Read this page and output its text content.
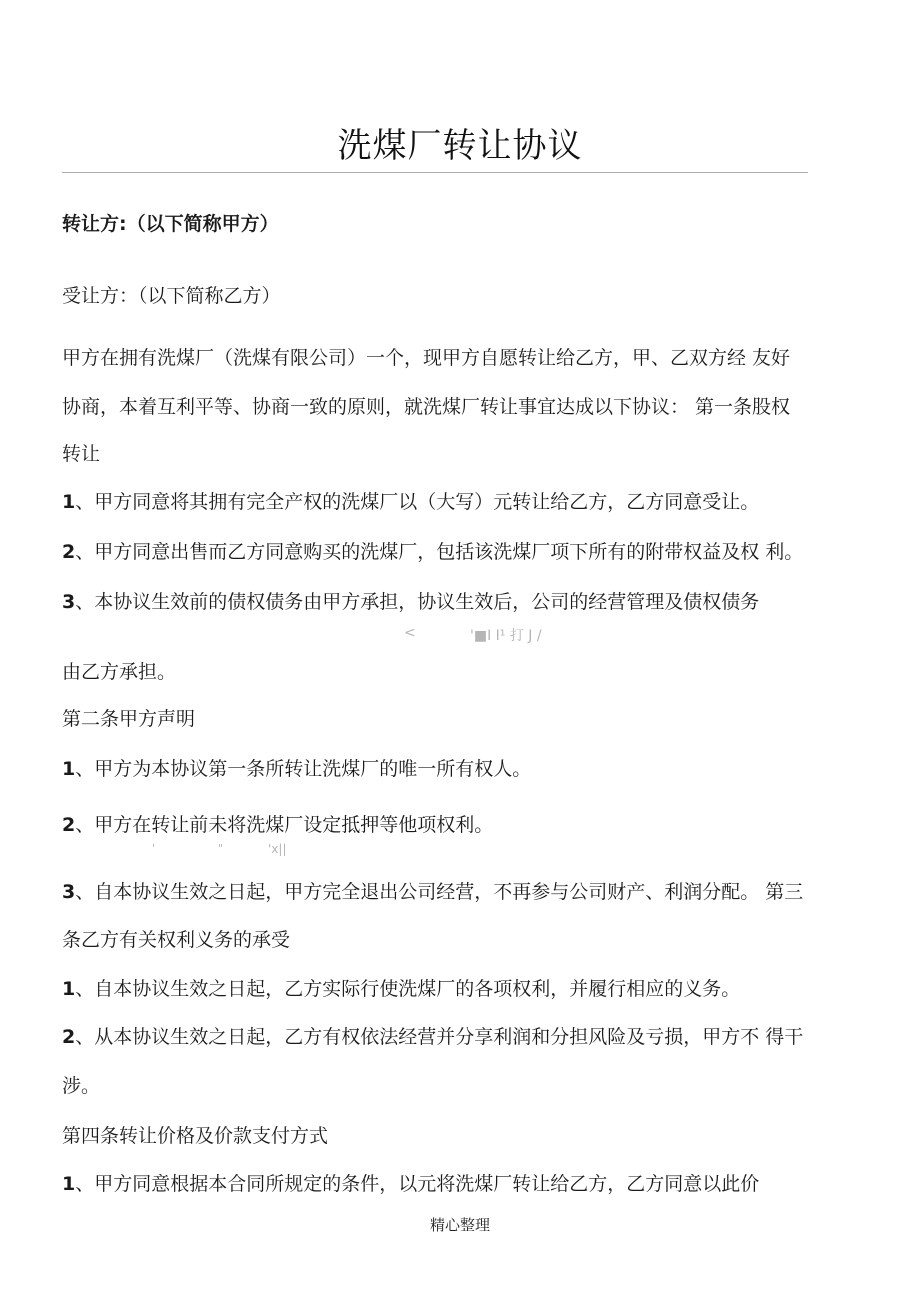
洗煤厂转让协议
转让方:（以下简称甲方）
受让方：（以下简称乙方）
甲方在拥有洗煤厂（洗煤有限公司）一个，现甲方自愿转让给乙方，甲、乙双方经 友好
协商，本着互利平等、协商一致的原则，就洗煤厂转让事宜达成以下协议： 第一条股权
转让
1、甲方同意将其拥有完全产权的洗煤厂以（大写）元转让给乙方，乙方同意受让。
2、甲方同意出售而乙方同意购买的洗煤厂，包括该洗煤厂项下所有的附带权益及权 利。
3、本协议生效前的债权债务由甲方承担，协议生效后，公司的经营管理及债权债务
<	'■I I¹ 打 J /
由乙方承担。
第二条甲方声明
1、甲方为本协议第一条所转让洗煤厂的唯一所有权人。
2、甲方在转让前未将洗煤厂设定抵押等他项权利。
'	"	'x||
3、自本协议生效之日起，甲方完全退出公司经营，不再参与公司财产、利润分配。 第三
条乙方有关权利义务的承受
1、自本协议生效之日起，乙方实际行使洗煤厂的各项权利，并履行相应的义务。
2、从本协议生效之日起，乙方有权依法经营并分享利润和分担风险及亏损，甲方不 得干
涉。
第四条转让价格及价款支付方式
1、甲方同意根据本合同所规定的条件，以元将洗煤厂转让给乙方，乙方同意以此价
精心整理
